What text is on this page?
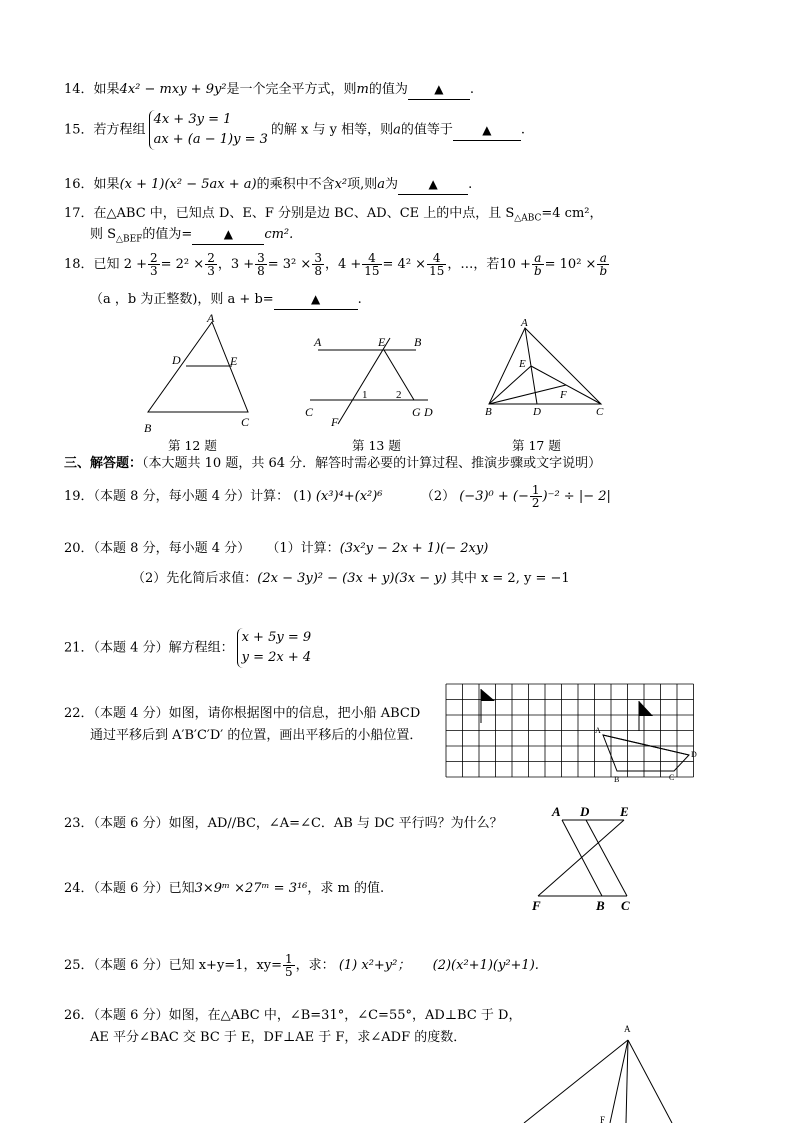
14．如果4x² − mxy + 9y²是一个完全平方式，则m的值为 ▲ .
15．若方程组
4x + 3y = 1
ax + (a − 1)y = 3
的解 x 与 y 相等，则a的值等于 ▲ .
16．如果(x + 1)(x² − 5ax + a)的乘积中不含x²项,则a为	▲ .
17．在△ABC 中，已知点 D、E、F 分别是边 BC、AD、CE 上的中点，且 $S_{\triangle ABC}=4$ cm²，
则 $S_{\triangle BEF}$的值为=	▲ cm².
18．已知 $2 + \frac{2}{3} = 2^2 \times \frac{2}{3}$ ，$3 + \frac{3}{8} = 3^2 \times \frac{3}{8}$ ，$4 + \frac{4}{15} = 4^2 \times \frac{4}{15}$ ，…，若$10 + \frac{a}{b} = 10^2 \times \frac{a}{b}$
（a ，b 为正整数)，则 a + b=	▲	.
A
D	E
B	C
第 12 题
A	B
E
C
F
G D
1	2
第 13 题
A
E
F
B	D	C
第 17 题
三、解答题：（本大题共 10 题，共 64 分．解答时需必要的计算过程、推演步骤或文字说明）
19．（本题 8 分，每小题 4 分）计算： (1) (x³)⁴+(x²)⁶	（2） (−3)⁰ + (− $\frac{1}{2} )^{-2}$ ÷ |− 2|
20．（本题 8 分，每小题 4 分） （1）计算：(3x²y − 2x + 1)(− 2xy)
（2）先化简后求值：(2x − 3y)² − (3x + y)(3x − y) 其中 x = 2, y = −1
21．（本题 4 分）解方程组：
x + 5y = 9
y = 2x + 4
22．（本题 4 分）如图，请你根据图中的信息，把小船 ABCD
通过平移后到 A′B′C′D′ 的位置，画出平移后的小船位置．	A
B	C
D
23．（本题 6 分）如图，AD//BC，∠A=∠C．AB 与 DC 平行吗？为什么？
A D E
F	B C
24．（本题 6 分）已知3×9ᵐ ×27ᵐ = 3¹⁶，求 m 的值.
25．（本题 6 分）已知 x+y=1，$xy= \frac{1}{5}$ ，求： (1) x²+y²； (2)(x²+1)(y²+1).
26．（本题 6 分）如图，在△ABC 中，∠B=31°，∠C=55°，AD⊥BC 于 D，
AE 平分∠BAC 交 BC 于 E，DF⊥AE 于 F，求∠ADF 的度数．
A
F
